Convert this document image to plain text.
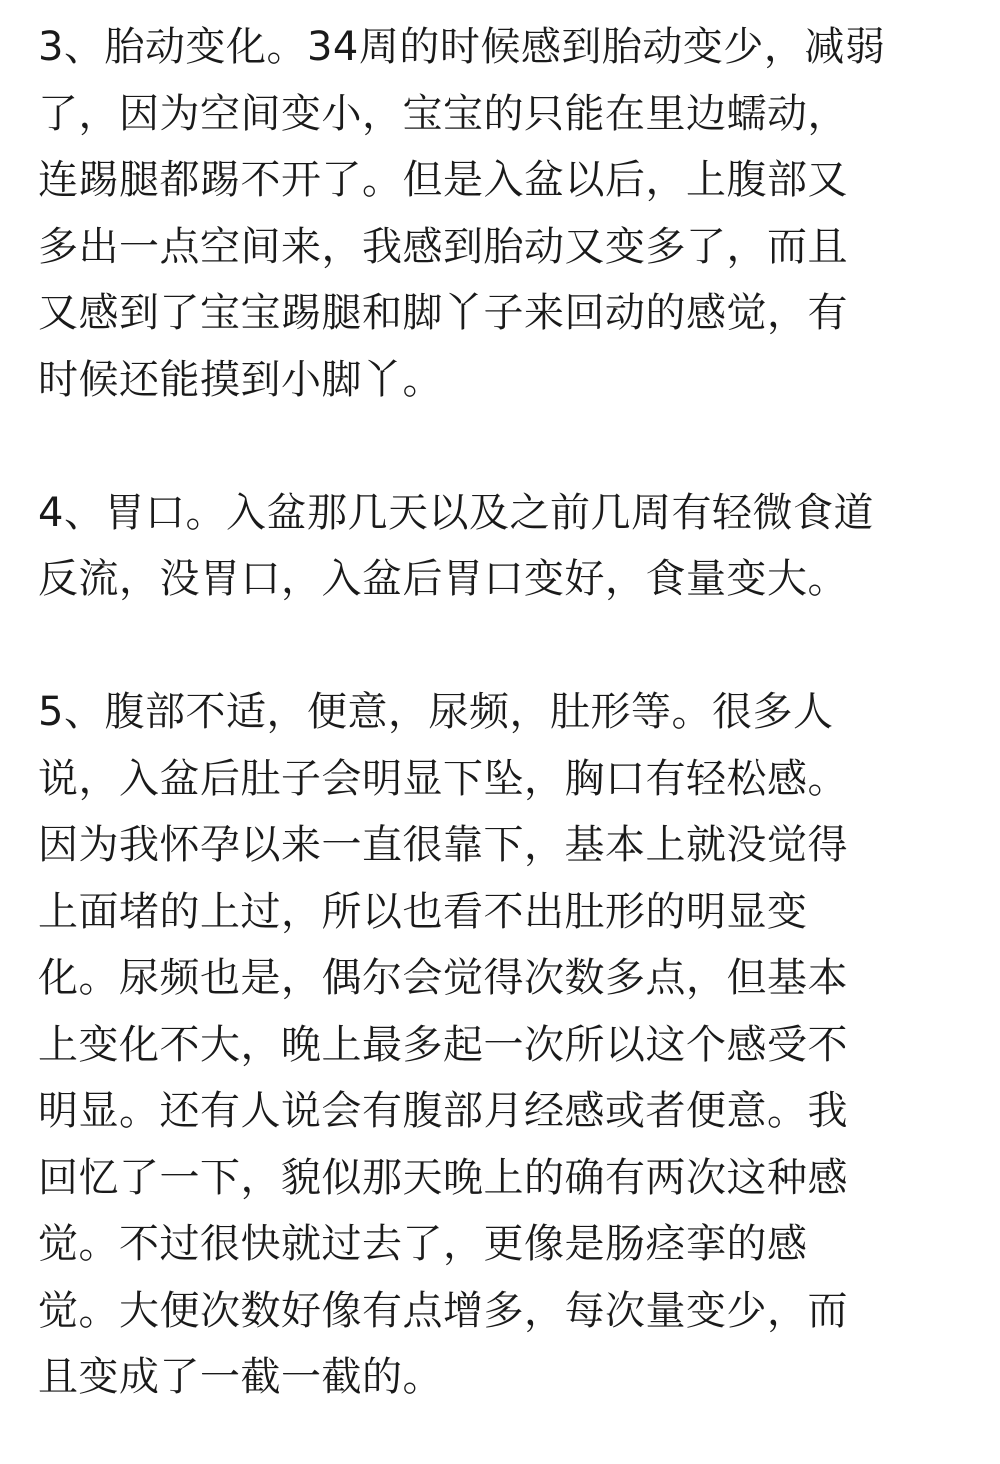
3、胎动变化。34周的时候感到胎动变少，减弱
了，因为空间变小，宝宝的只能在里边蠕动，
连踢腿都踢不开了。但是入盆以后，上腹部又
多出一点空间来，我感到胎动又变多了，而且
又感到了宝宝踢腿和脚丫子来回动的感觉，有
时候还能摸到小脚丫。
4、胃口。入盆那几天以及之前几周有轻微食道
反流，没胃口，入盆后胃口变好，食量变大。
5、腹部不适，便意，尿频，肚形等。很多人
说，入盆后肚子会明显下坠，胸口有轻松感。
因为我怀孕以来一直很靠下，基本上就没觉得
上面堵的上过，所以也看不出肚形的明显变
化。尿频也是，偶尔会觉得次数多点，但基本
上变化不大，晚上最多起一次所以这个感受不
明显。还有人说会有腹部月经感或者便意。我
回忆了一下，貌似那天晚上的确有两次这种感
觉。不过很快就过去了，更像是肠痉挛的感
觉。大便次数好像有点增多，每次量变少，而
且变成了一截一截的。
